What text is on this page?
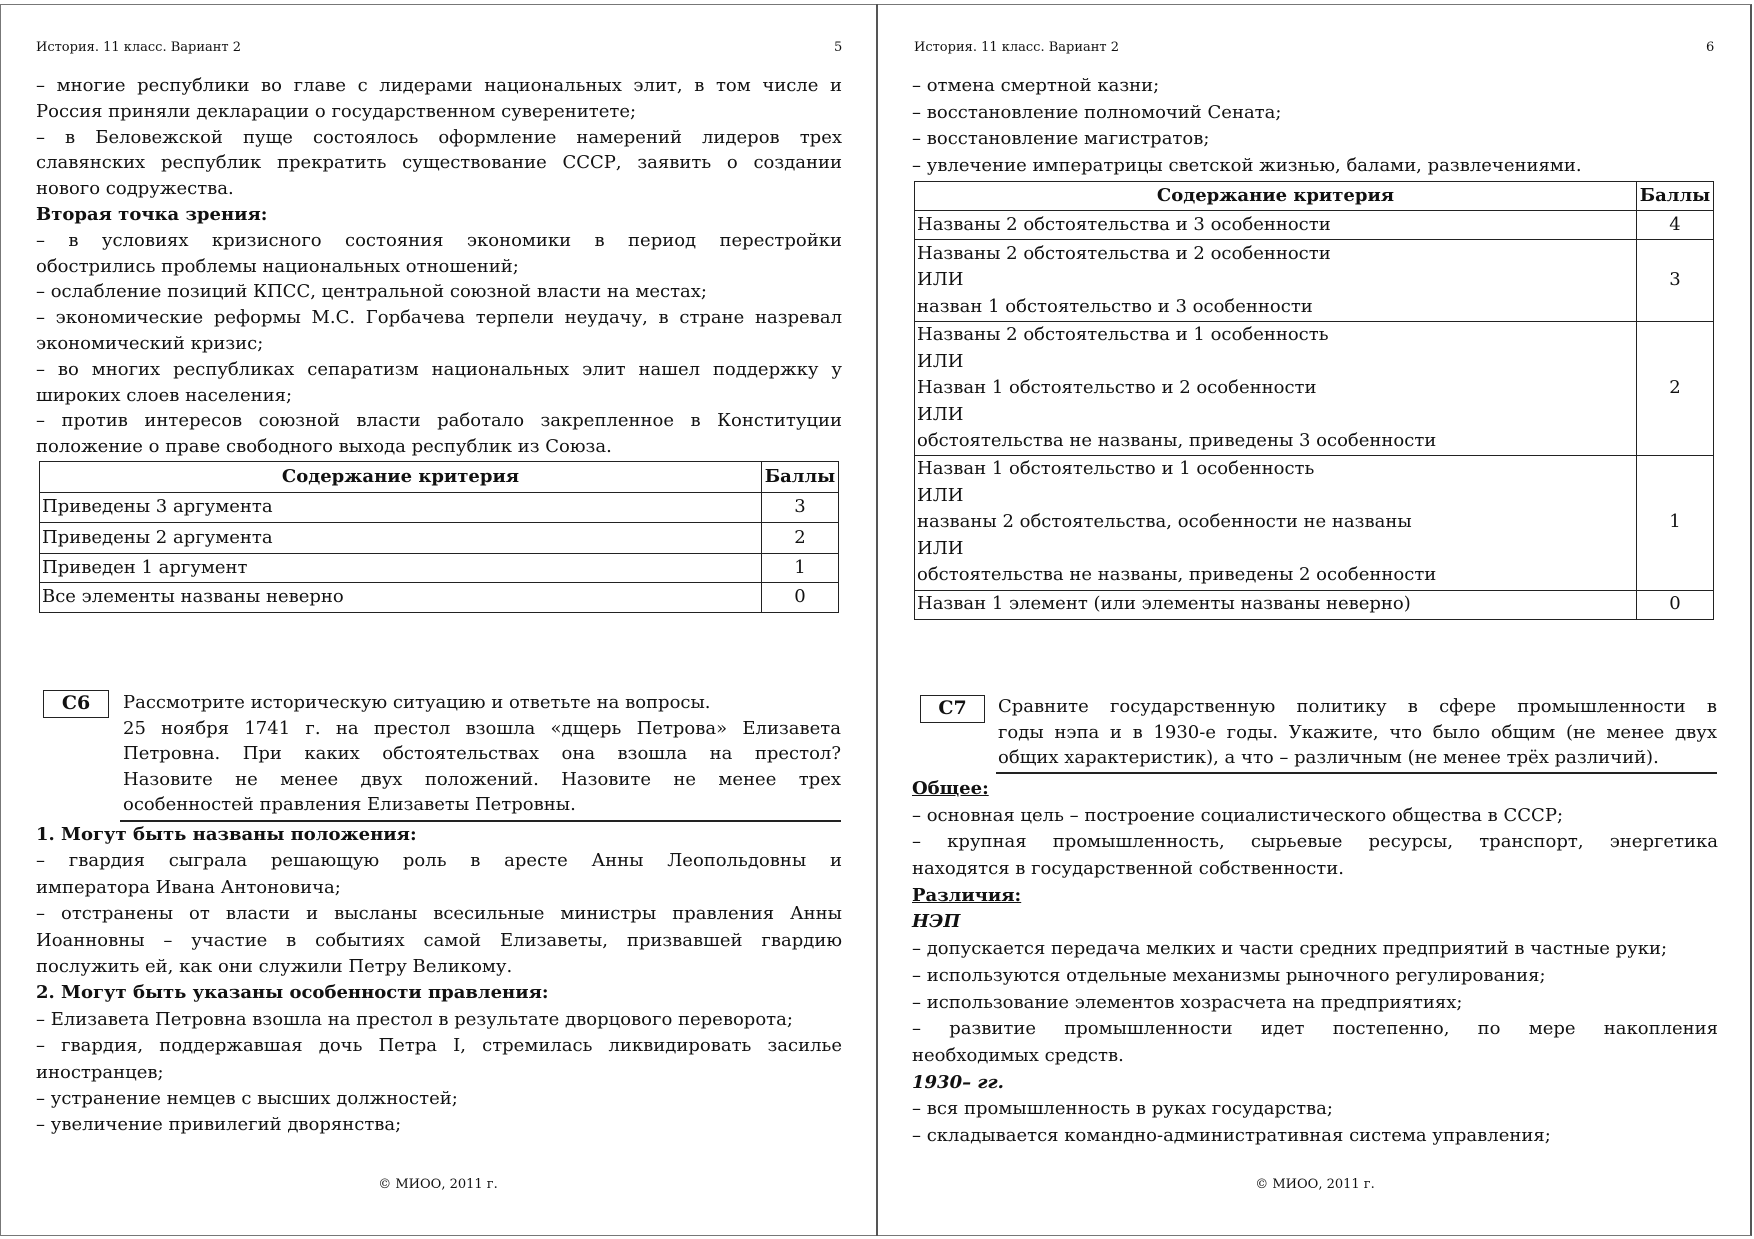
История. 11 класс. Вариант 2	5
– многие республики во главе с лидерами национальных элит, в том числе и
Россия приняли декларации о государственном суверенитете;
– в Беловежской пуще состоялось оформление намерений лидеров трех
славянских республик прекратить существование СССР, заявить о создании
нового содружества.
Вторая точка зрения:
– в условиях кризисного состояния экономики в период перестройки
обострились проблемы национальных отношений;
– ослабление позиций КПСС, центральной союзной власти на местах;
– экономические реформы М.С. Горбачева терпели неудачу, в стране назревал
экономический кризис;
– во многих республиках сепаратизм национальных элит нашел поддержку у
широких слоев населения;
– против интересов союзной власти работало закрепленное в Конституции
положение о праве свободного выхода республик из Союза.
Содержание критерия	Баллы
Приведены 3 аргумента	3
Приведены 2 аргумента	2
Приведен 1 аргумент	1
Все элементы названы неверно	0
C6	Рассмотрите историческую ситуацию и ответьте на вопросы.
25 ноября 1741 г. на престол взошла «дщерь Петрова» Елизавета
Петровна. При каких обстоятельствах она взошла на престол?
Назовите не менее двух положений. Назовите не менее трех
особенностей правления Елизаветы Петровны.
1. Могут быть названы положения:
– гвардия сыграла решающую роль в аресте Анны Леопольдовны и
императора Ивана Антоновича;
– отстранены от власти и высланы всесильные министры правления Анны
Иоанновны – участие в событиях самой Елизаветы, призвавшей гвардию
послужить ей, как они служили Петру Великому.
2. Могут быть указаны особенности правления:
– Елизавета Петровна взошла на престол в результате дворцового переворота;
– гвардия, поддержавшая дочь Петра I, стремилась ликвидировать засилье
иностранцев;
– устранение немцев с высших должностей;
– увеличение привилегий дворянства;
© МИОО, 2011 г.
История. 11 класс. Вариант 2	6
– отмена смертной казни;
– восстановление полномочий Сената;
– восстановление магистратов;
– увлечение императрицы светской жизнью, балами, развлечениями.
Содержание критерия	Баллы
Названы 2 обстоятельства и 3 особенности	4
Названы 2 обстоятельства и 2 особенности
ИЛИ
назван 1 обстоятельство и 3 особенности	3
Названы 2 обстоятельства и 1 особенность
ИЛИ
Назван 1 обстоятельство и 2 особенности
ИЛИ
обстоятельства не названы, приведены 3 особенности	2
Назван 1 обстоятельство и 1 особенность
ИЛИ
названы 2 обстоятельства, особенности не названы
ИЛИ
обстоятельства не названы, приведены 2 особенности	1
Назван 1 элемент (или элементы названы неверно)	0
C7	Сравните государственную политику в сфере промышленности в
годы нэпа и в 1930-е годы. Укажите, что было общим (не менее двух
общих характеристик), а что – различным (не менее трёх различий).
Общее:
– основная цель – построение социалистического общества в СССР;
– крупная промышленность, сырьевые ресурсы, транспорт, энергетика
находятся в государственной собственности.
Различия:
НЭП
– допускается передача мелких и части средних предприятий в частные руки;
– используются отдельные механизмы рыночного регулирования;
– использование элементов хозрасчета на предприятиях;
– развитие промышленности идет постепенно, по мере накопления
необходимых средств.
1930– гг.
– вся промышленность в руках государства;
– складывается командно-административная система управления;
© МИОО, 2011 г.
